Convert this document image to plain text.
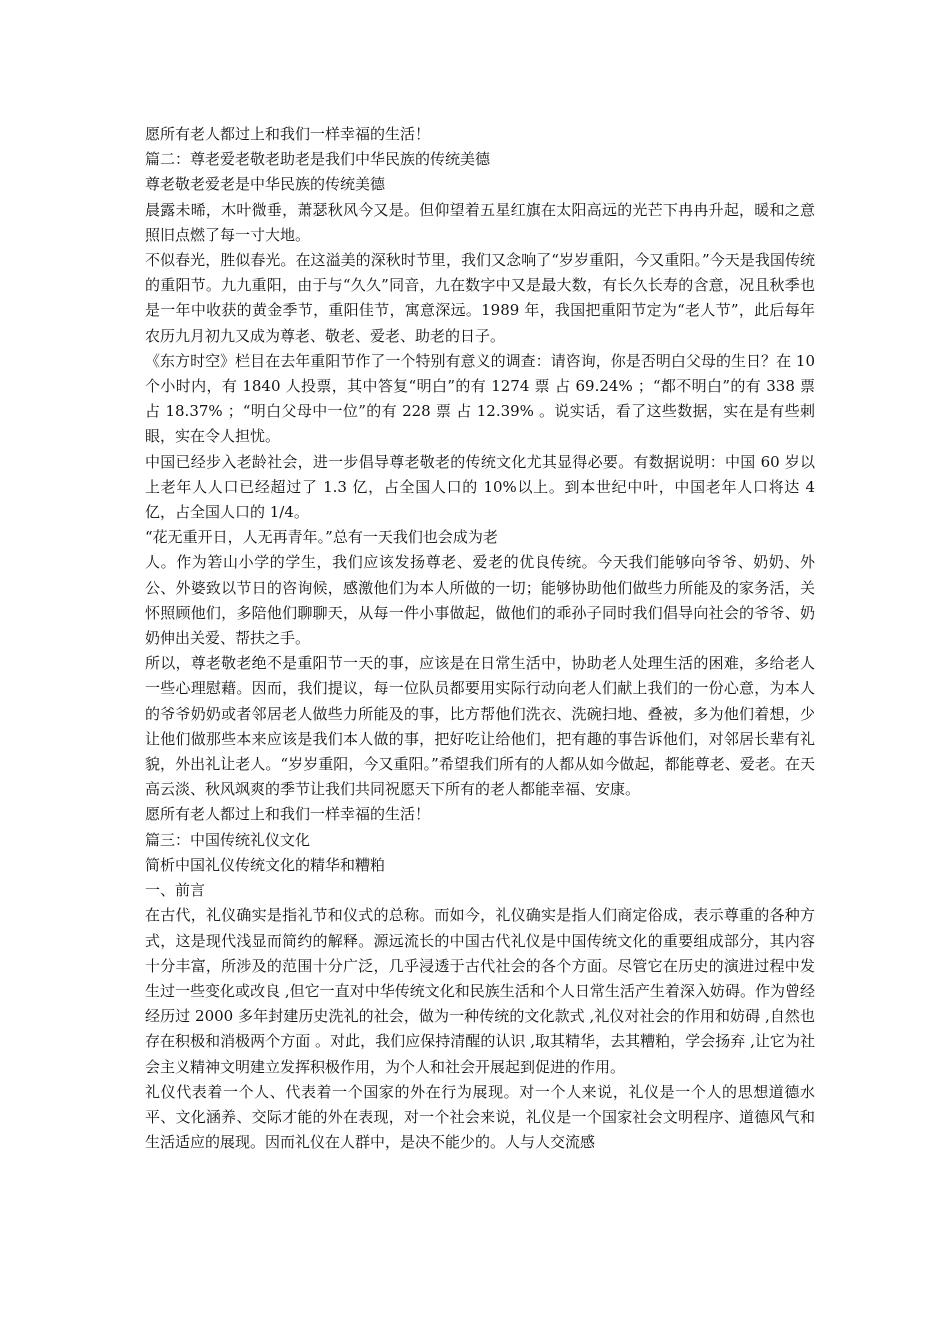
愿所有老人都过上和我们一样幸福的生活！

篇二：尊老爱老敬老助老是我们中华民族的传统美德

尊老敬老爱老是中华民族的传统美德

晨露未晞，木叶微垂，萧瑟秋风今又是。但仰望着五星红旗在太阳高远的光芒下冉冉升起，暖和之意照旧点燃了每一寸大地。

不似春光，胜似春光。在这溢美的深秋时节里，我们又念响了“岁岁重阳，今又重阳。”今天是我国传统的重阳节。九九重阳，由于与“久久”同音，九在数字中又是最大数，有长久长寿的含意，况且秋季也是一年中收获的黄金季节，重阳佳节，寓意深远。1989 年，我国把重阳节定为“老人节”，此后每年农历九月初九又成为尊老、敬老、爱老、助老的日子。

《东方时空》栏目在去年重阳节作了一个特别有意义的调查：请咨询，你是否明白父母的生日？在 10 个小时内，有 1840 人投票，其中答复“明白”的有 1274 票 占 69.24% ；“都不明白”的有 338 票占 18.37% ；“明白父母中一位”的有 228 票 占 12.39% 。说实话，看了这些数据，实在是有些刺眼，实在令人担忧。

中国已经步入老龄社会，进一步倡导尊老敬老的传统文化尤其显得必要。有数据说明：中国 60 岁以上老年人人口已经超过了 1.3 亿，占全国人口的 10%以上。到本世纪中叶，中国老年人口将达 4 亿，占全国人口的 1/4。

“花无重开日，人无再青年。”总有一天我们也会成为老

人。作为箬山小学的学生，我们应该发扬尊老、爱老的优良传统。今天我们能够向爷爷、奶奶、外公、外婆致以节日的咨询候，感激他们为本人所做的一切；能够协助他们做些力所能及的家务活，关怀照顾他们，多陪他们聊聊天，从每一件小事做起，做他们的乖孙子同时我们倡导向社会的爷爷、奶奶伸出关爱、帮扶之手。

所以，尊老敬老绝不是重阳节一天的事，应该是在日常生活中，协助老人处理生活的困难，多给老人一些心理慰藉。因而，我们提议，每一位队员都要用实际行动向老人们献上我们的一份心意，为本人的爷爷奶奶或者邻居老人做些力所能及的事，比方帮他们洗衣、洗碗扫地、叠被，多为他们着想，少让他们做那些本来应该是我们本人做的事，把好吃让给他们，把有趣的事告诉他们，对邻居长辈有礼貌，外出礼让老人。“岁岁重阳，今又重阳。”希望我们所有的人都从如今做起，都能尊老、爱老。在天高云淡、秋风飒爽的季节让我们共同祝愿天下所有的老人都能幸福、安康。

愿所有老人都过上和我们一样幸福的生活！

篇三：中国传统礼仪文化

简析中国礼仪传统文化的精华和糟粕

一、前言

在古代，礼仪确实是指礼节和仪式的总称。而如今，礼仪确实是指人们商定俗成，表示尊重的各种方式，这是现代浅显而简约的解释。源远流长的中国古代礼仪是中国传统文化的重要组成部分，其内容十分丰富，所涉及的范围十分广泛，几乎浸透于古代社会的各个方面。尽管它在历史的演进过程中发生过一些变化或改良 ,但它一直对中华传统文化和民族生活和个人日常生活产生着深入妨碍。作为曾经经历过 2000 多年封建历史洗礼的社会，做为一种传统的文化款式 ,礼仪对社会的作用和妨碍 ,自然也存在积极和消极两个方面 。对此，我们应保持清醒的认识 ,取其精华，去其糟粕，学会扬弃 ,让它为社会主义精神文明建立发挥积极作用，为个人和社会开展起到促进的作用。

礼仪代表着一个人、代表着一个国家的外在行为展现。对一个人来说，礼仪是一个人的思想道德水平、文化涵养、交际才能的外在表现，对一个社会来说，礼仪是一个国家社会文明程序、道德风气和生活适应的展现。因而礼仪在人群中，是决不能少的。人与人交流感
